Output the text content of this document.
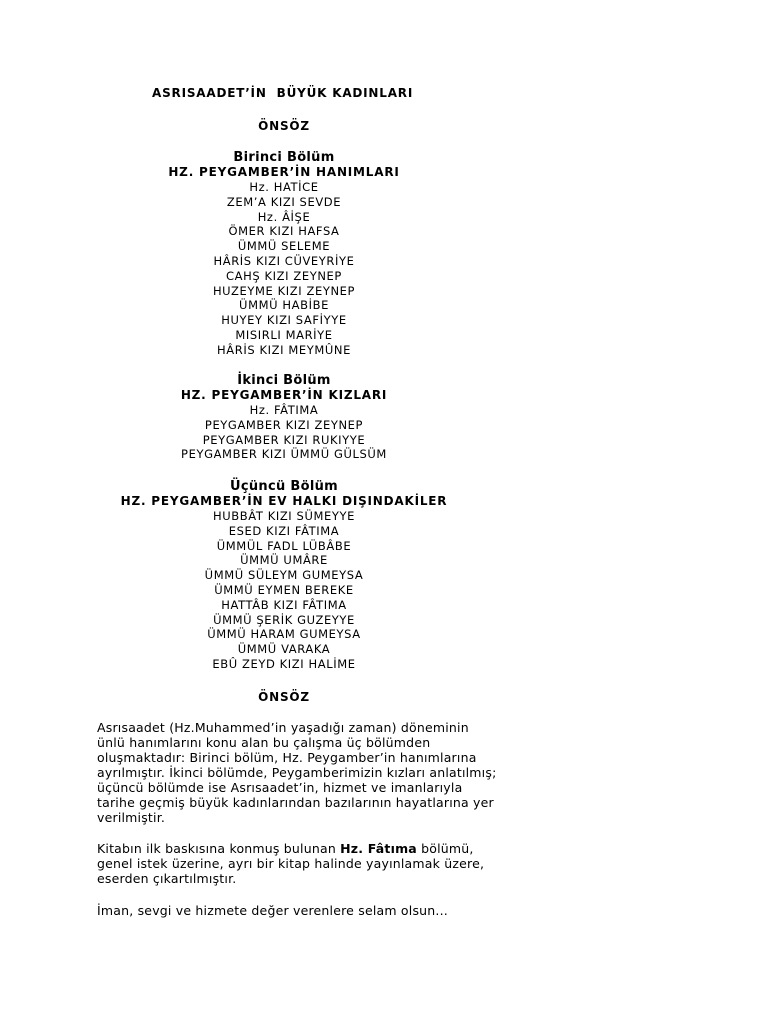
ASRISAADET’İN  BÜYÜK KADINLARI
ÖNSÖZ
Birinci Bölüm
HZ. PEYGAMBER’İN HANIMLARI
Hz. HATİCE
ZEM’A KIZI SEVDE
Hz. ÂİŞE
ÖMER KIZI HAFSA
ÜMMÜ SELEME
HÂRİS KIZI CÜVEYRİYE
CAHŞ KIZI ZEYNEP
HUZEYME KIZI ZEYNEP
ÜMMÜ HABİBE
HUYEY KIZI SAFİYYE
MISIRLI MARİYE
HÂRİS KIZI MEYMÛNE
İkinci Bölüm
HZ. PEYGAMBER’İN KIZLARI
Hz. FÂTIMA
PEYGAMBER KIZI ZEYNEP
PEYGAMBER KIZI RUKIYYE
PEYGAMBER KIZI ÜMMÜ GÜLSÜM
Üçüncü Bölüm
HZ. PEYGAMBER’İN EV HALKI DIŞINDAKİLER
HUBBÂT KIZI SÜMEYYE
ESED KIZI FÂTIMA
ÜMMÜL FADL LÜBÂBE
ÜMMÜ UMÂRE
ÜMMÜ SÜLEYM GUMEYSA
ÜMMÜ EYMEN BEREKE
HATTÂB KIZI FÂTIMA
ÜMMÜ ŞERİK GUZEYYE
ÜMMÜ HARAM GUMEYSA
ÜMMÜ VARAKA
EBÛ ZEYD KIZI HALİME
ÖNSÖZ
Asrısaadet (Hz.Muhammed’in yaşadığı zaman) döneminin ünlü hanımlarını konu alan bu çalışma üç bölümden oluşmaktadır: Birinci bölüm, Hz. Peygamber’in hanımlarına ayrılmıştır. İkinci bölümde, Peygamberimizin kızları anlatılmış; üçüncü bölümde ise Asrısaadet’in, hizmet ve imanlarıyla tarihe geçmiş büyük kadınlarından bazılarının hayatlarına yer verilmiştir.
Kitabın ilk baskısına konmuş bulunan Hz. Fâtıma bölümü, genel istek üzerine, ayrı bir kitap halinde yayınlamak üzere, eserden çıkartılmıştır.
İman, sevgi ve hizmete değer verenlere selam olsun...
